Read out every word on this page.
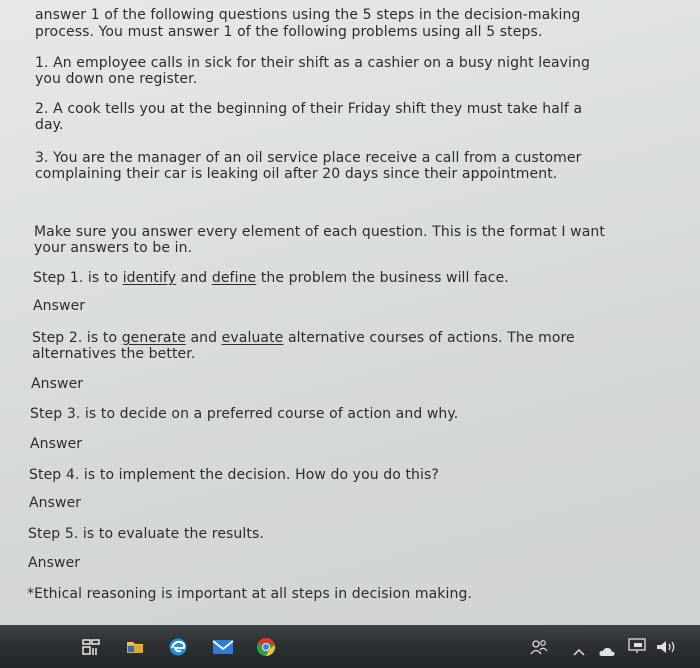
answer 1 of the following questions using the 5 steps in the decision-making
process. You must answer 1 of the following problems using all 5 steps.
1. An employee calls in sick for their shift as a cashier on a busy night leaving
you down one register.
2. A cook tells you at the beginning of their Friday shift they must take half a
day.
3. You are the manager of an oil service place receive a call from a customer
complaining their car is leaking oil after 20 days since their appointment.
Make sure you answer every element of each question. This is the format I want
your answers to be in.
Step 1. is to identify and define the problem the business will face.
Answer
Step 2. is to generate and evaluate alternative courses of actions. The more
alternatives the better.
Answer
Step 3. is to decide on a preferred course of action and why.
Answer
Step 4. is to implement the decision. How do you do this?
Answer
Step 5. is to evaluate the results.
Answer
*Ethical reasoning is important at all steps in decision making.
